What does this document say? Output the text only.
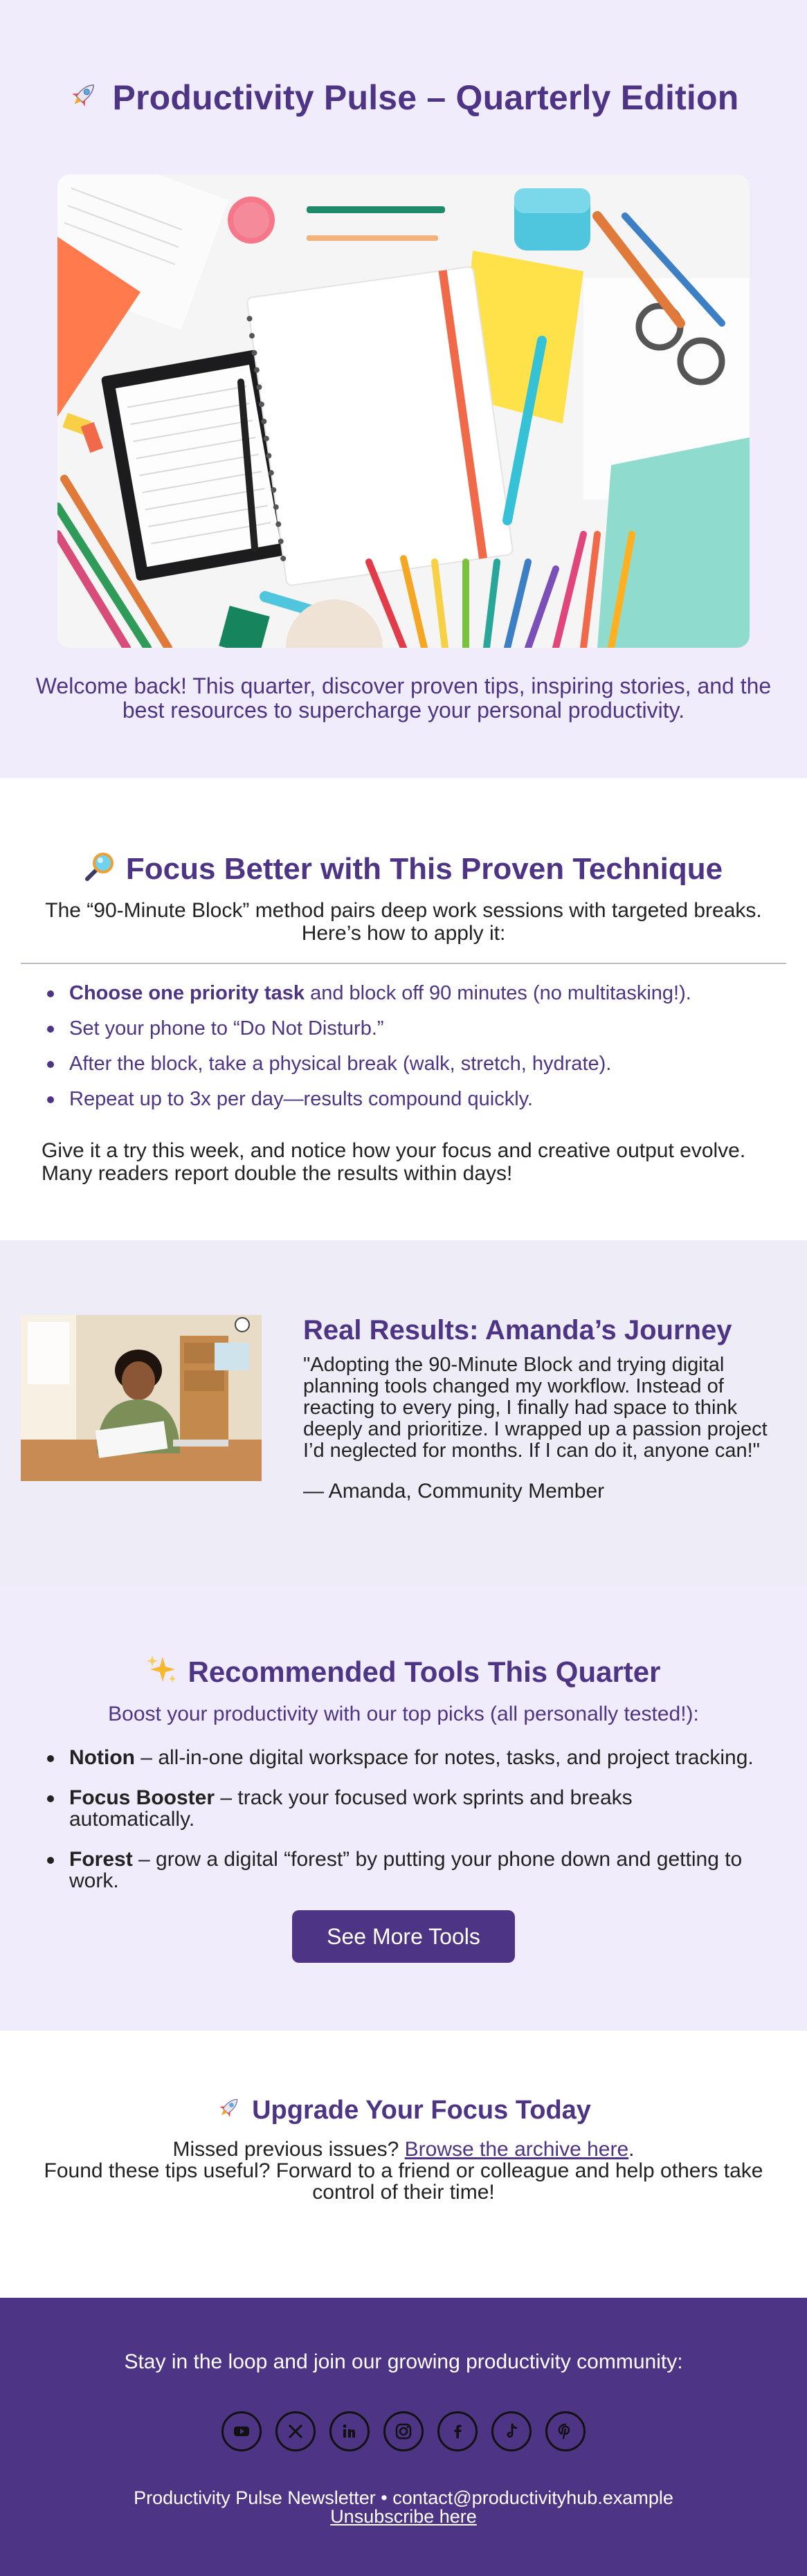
Productivity Pulse – Quarterly Edition

Welcome back! This quarter, discover proven tips, inspiring stories, and the best resources to supercharge your personal productivity.

Focus Better with This Proven Technique

The “90-Minute Block” method pairs deep work sessions with targeted breaks. Here’s how to apply it:

Choose one priority task and block off 90 minutes (no multitasking!).
Set your phone to “Do Not Disturb.”
After the block, take a physical break (walk, stretch, hydrate).
Repeat up to 3x per day—results compound quickly.

Give it a try this week, and notice how your focus and creative output evolve. Many readers report double the results within days!

Real Results: Amanda’s Journey

"Adopting the 90-Minute Block and trying digital planning tools changed my workflow. Instead of reacting to every ping, I finally had space to think deeply and prioritize. I wrapped up a passion project I’d neglected for months. If I can do it, anyone can!"

— Amanda, Community Member

Recommended Tools This Quarter

Boost your productivity with our top picks (all personally tested!):

Notion – all-in-one digital workspace for notes, tasks, and project tracking.
Focus Booster – track your focused work sprints and breaks automatically.
Forest – grow a digital “forest” by putting your phone down and getting to work.
See More Tools
Upgrade Your Focus Today

Missed previous issues? Browse the archive here.
Found these tips useful? Forward to a friend or colleague and help others take control of their time!

Stay in the loop and join our growing productivity community:

Productivity Pulse Newsletter • contact@productivityhub.example

Unsubscribe here
